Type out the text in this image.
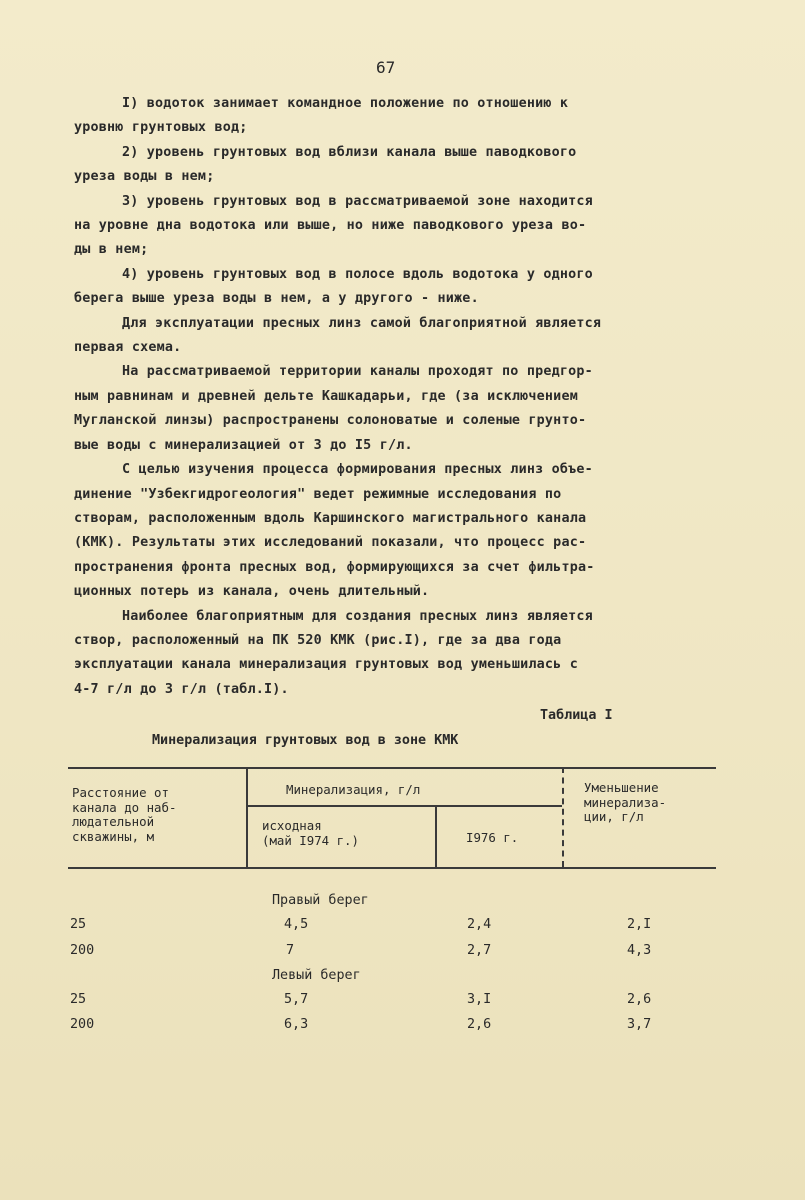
67

I) водоток занимает командное положение по отношению к

уровню грунтовых вод;

2) уровень грунтовых вод вблизи канала выше паводкового

уреза воды в нем;

3) уровень грунтовых вод в рассматриваемой зоне находится

на уровне дна водотока или выше, но ниже паводкового уреза во-

ды в нем;

4) уровень грунтовых вод в полосе вдоль водотока у одного

берега выше уреза воды в нем, а у другого - ниже.

Для эксплуатации пресных линз самой благоприятной является

первая схема.

На рассматриваемой территории каналы проходят по предгор-

ным равнинам и древней дельте Кашкадарьи, где (за исключением

Мугланской линзы) распространены солоноватые и соленые грунто-

вые воды с минерализацией от 3 до I5 г/л.

С целью изучения процесса формирования пресных линз объе-

динение "Узбекгидрогеология" ведет режимные исследования по

створам, расположенным вдоль Каршинского магистрального канала

(КМК). Результаты этих исследований показали, что процесс рас-

пространения фронта пресных вод, формирующихся за счет фильтра-

ционных потерь из канала, очень длительный.

Наиболее благоприятным для создания пресных линз является

створ, расположенный на ПК 520 КМК (рис.I), где за два года

эксплуатации канала минерализация грунтовых вод уменьшилась с

4-7 г/л до 3 г/л (табл.I).

Таблица I
Минерализация грунтовых вод в зоне КМК
Расстояние от
канала до наб-
людательной
скважины, м
Минерализация, г/л
исходная
(май I974 г.)	I976 г.
Уменьшение
минерализа-
ции, г/л
Правый берег
25	4,5	2,4	2,I
200	7	2,7	4,3
Левый берег
25	5,7	3,I	2,6
200	6,3	2,6	3,7
